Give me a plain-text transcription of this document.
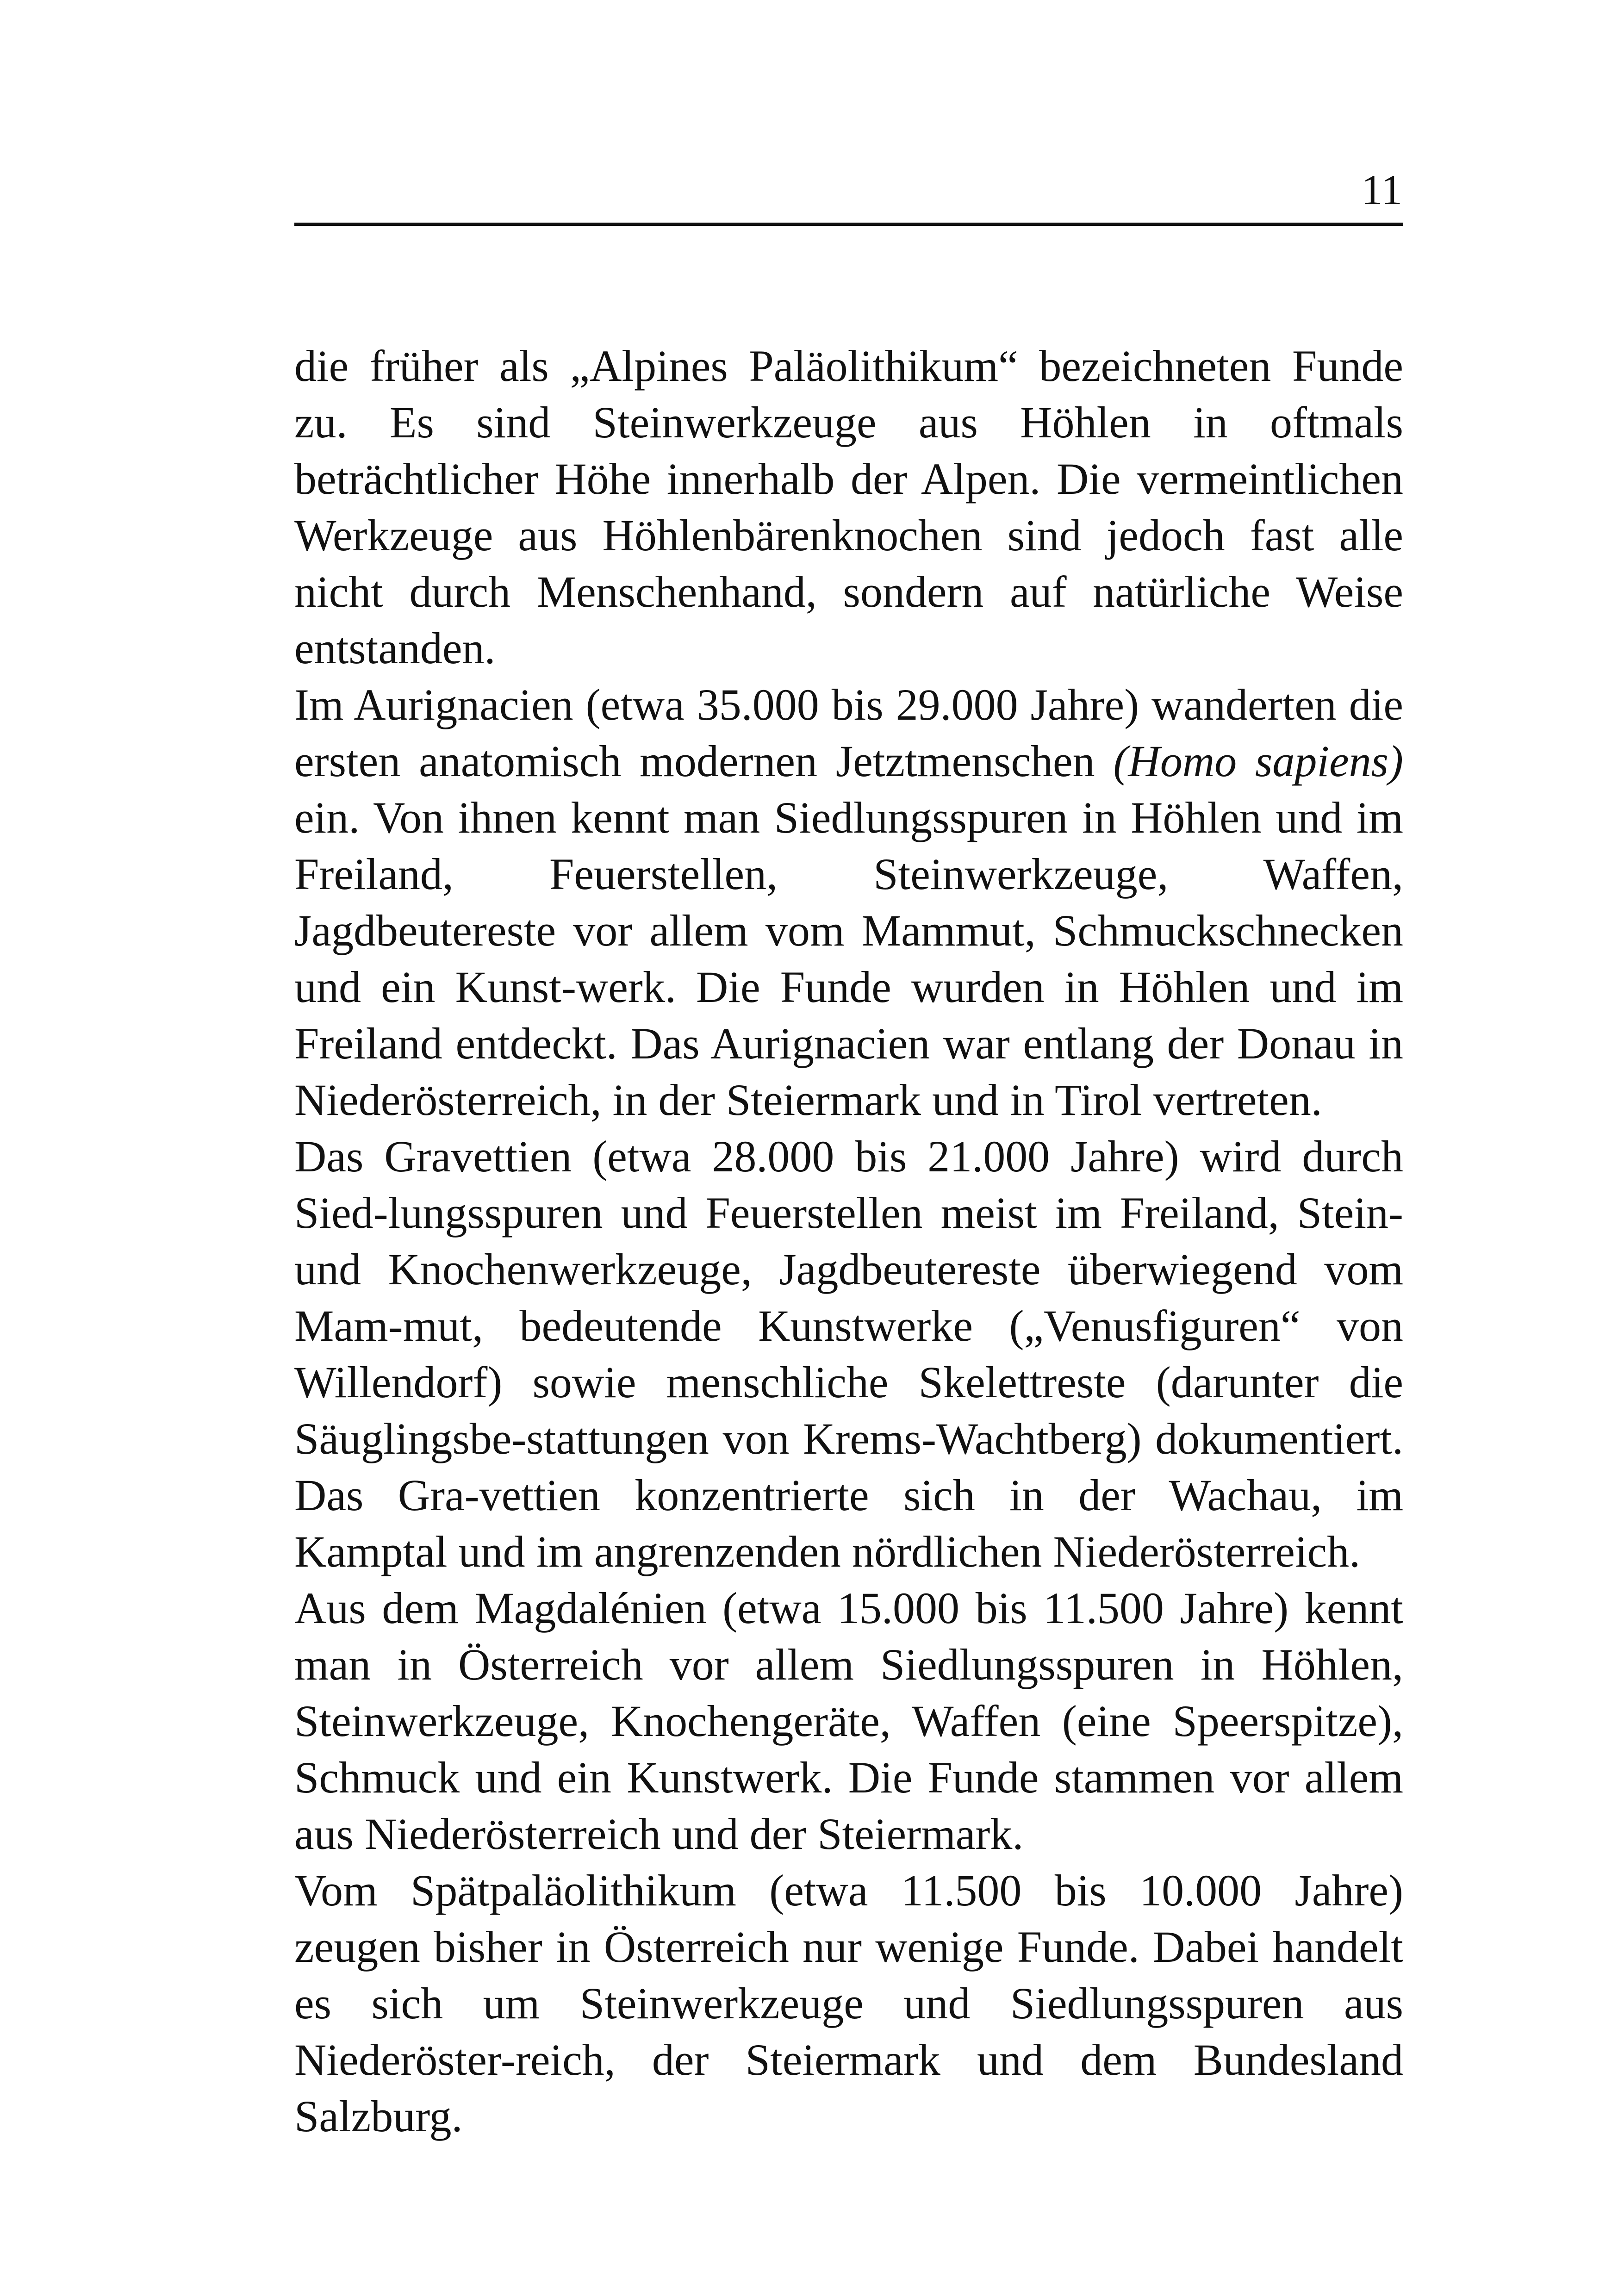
11

die früher als „Alpines Paläolithikum“ bezeichneten Funde zu. Es sind Steinwerkzeuge aus Höhlen in oftmals beträchtlicher Höhe innerhalb der Alpen. Die vermeintlichen Werkzeuge aus Höhlenbärenknochen sind jedoch fast alle nicht durch Menschenhand, sondern auf natürliche Weise entstanden.

Im Aurignacien (etwa 35.000 bis 29.000 Jahre) wanderten die ersten anatomisch modernen Jetztmenschen (Homo sapiens) ein. Von ihnen kennt man Siedlungsspuren in Höhlen und im Freiland, Feuerstellen, Steinwerkzeuge, Waffen, Jagdbeutereste vor allem vom Mammut, Schmuckschnecken und ein Kunst-werk. Die Funde wurden in Höhlen und im Freiland entdeckt. Das Aurignacien war entlang der Donau in Niederösterreich, in der Steiermark und in Tirol vertreten.

Das Gravettien (etwa 28.000 bis 21.000 Jahre) wird durch Sied-lungsspuren und Feuerstellen meist im Freiland, Stein- und Knochenwerkzeuge, Jagdbeutereste überwiegend vom Mam-mut, bedeutende Kunstwerke („Venusfiguren“ von Willendorf) sowie menschliche Skelettreste (darunter die Säuglingsbe-stattungen von Krems-Wachtberg) dokumentiert. Das Gra-vettien konzentrierte sich in der Wachau, im Kamptal und im angrenzenden nördlichen Niederösterreich.

Aus dem Magdalénien (etwa 15.000 bis 11.500 Jahre) kennt man in Österreich vor allem Siedlungsspuren in Höhlen, Steinwerkzeuge, Knochengeräte, Waffen (eine Speerspitze), Schmuck und ein Kunstwerk. Die Funde stammen vor allem aus Niederösterreich und der Steiermark.

Vom Spätpaläolithikum (etwa 11.500 bis 10.000 Jahre) zeugen bisher in Österreich nur wenige Funde. Dabei handelt es sich um Steinwerkzeuge und Siedlungsspuren aus Niederöster-reich, der Steiermark und dem Bundesland Salzburg.
